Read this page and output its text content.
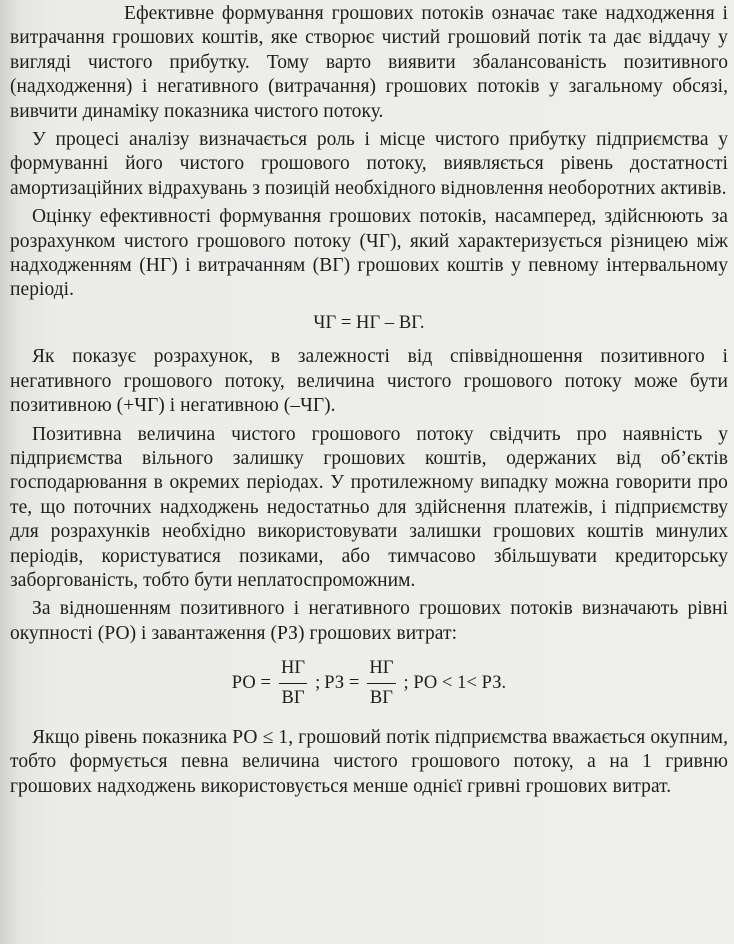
Ефективне формування грошових потоків означає таке надходження і витрачання грошових коштів, яке створює чистий грошовий потік та дає віддачу у вигляді чистого прибутку. Тому варто виявити збалансованість позитивного (надходження) і негативного (витрачання) грошових потоків у загальному обсязі, вивчити динаміку показника чистого потоку.

У процесі аналізу визначається роль і місце чистого прибутку підприємства у формуванні його чистого грошового потоку, виявляється рівень достатності амортизаційних відрахувань з позицій необхідного відновлення необоротних активів.

Оцінку ефективності формування грошових потоків, насамперед, здійснюють за розрахунком чистого грошового потоку (ЧГ), який характеризується різницею між надходженням (НГ) і витрачанням (ВГ) грошових коштів у певному інтервальному періоді.

ЧГ = НГ – ВГ.

Як показує розрахунок, в залежності від співвідношення позитивного і негативного грошового потоку, величина чистого грошового потоку може бути позитивною (+ЧГ) і негативною (–ЧГ).

Позитивна величина чистого грошового потоку свідчить про наявність у підприємства вільного залишку грошових коштів, одержаних від об’єктів господарювання в окремих періодах. У протилежному випадку можна говорити про те, що поточних надходжень недостатньо для здійснення платежів, і підприємству для розрахунків необхідно використовувати залишки грошових коштів минулих періодів, користуватися позиками, або тимчасово збільшувати кредиторську заборгованість, тобто бути неплатоспроможним.

За відношенням позитивного і негативного грошових потоків визначають рівні окупності (РО) і завантаження (РЗ) грошових витрат:

РО = $\frac{НГ}{ВГ}$ ; РЗ = $\frac{НГ}{ВГ}$ ; РО < 1< РЗ.

Якщо рівень показника РО ≤ 1, грошовий потік підприємства вважається окупним, тобто формується певна величина чистого грошового потоку, а на 1 гривню грошових надходжень використовується менше однієї гривні грошових витрат.
